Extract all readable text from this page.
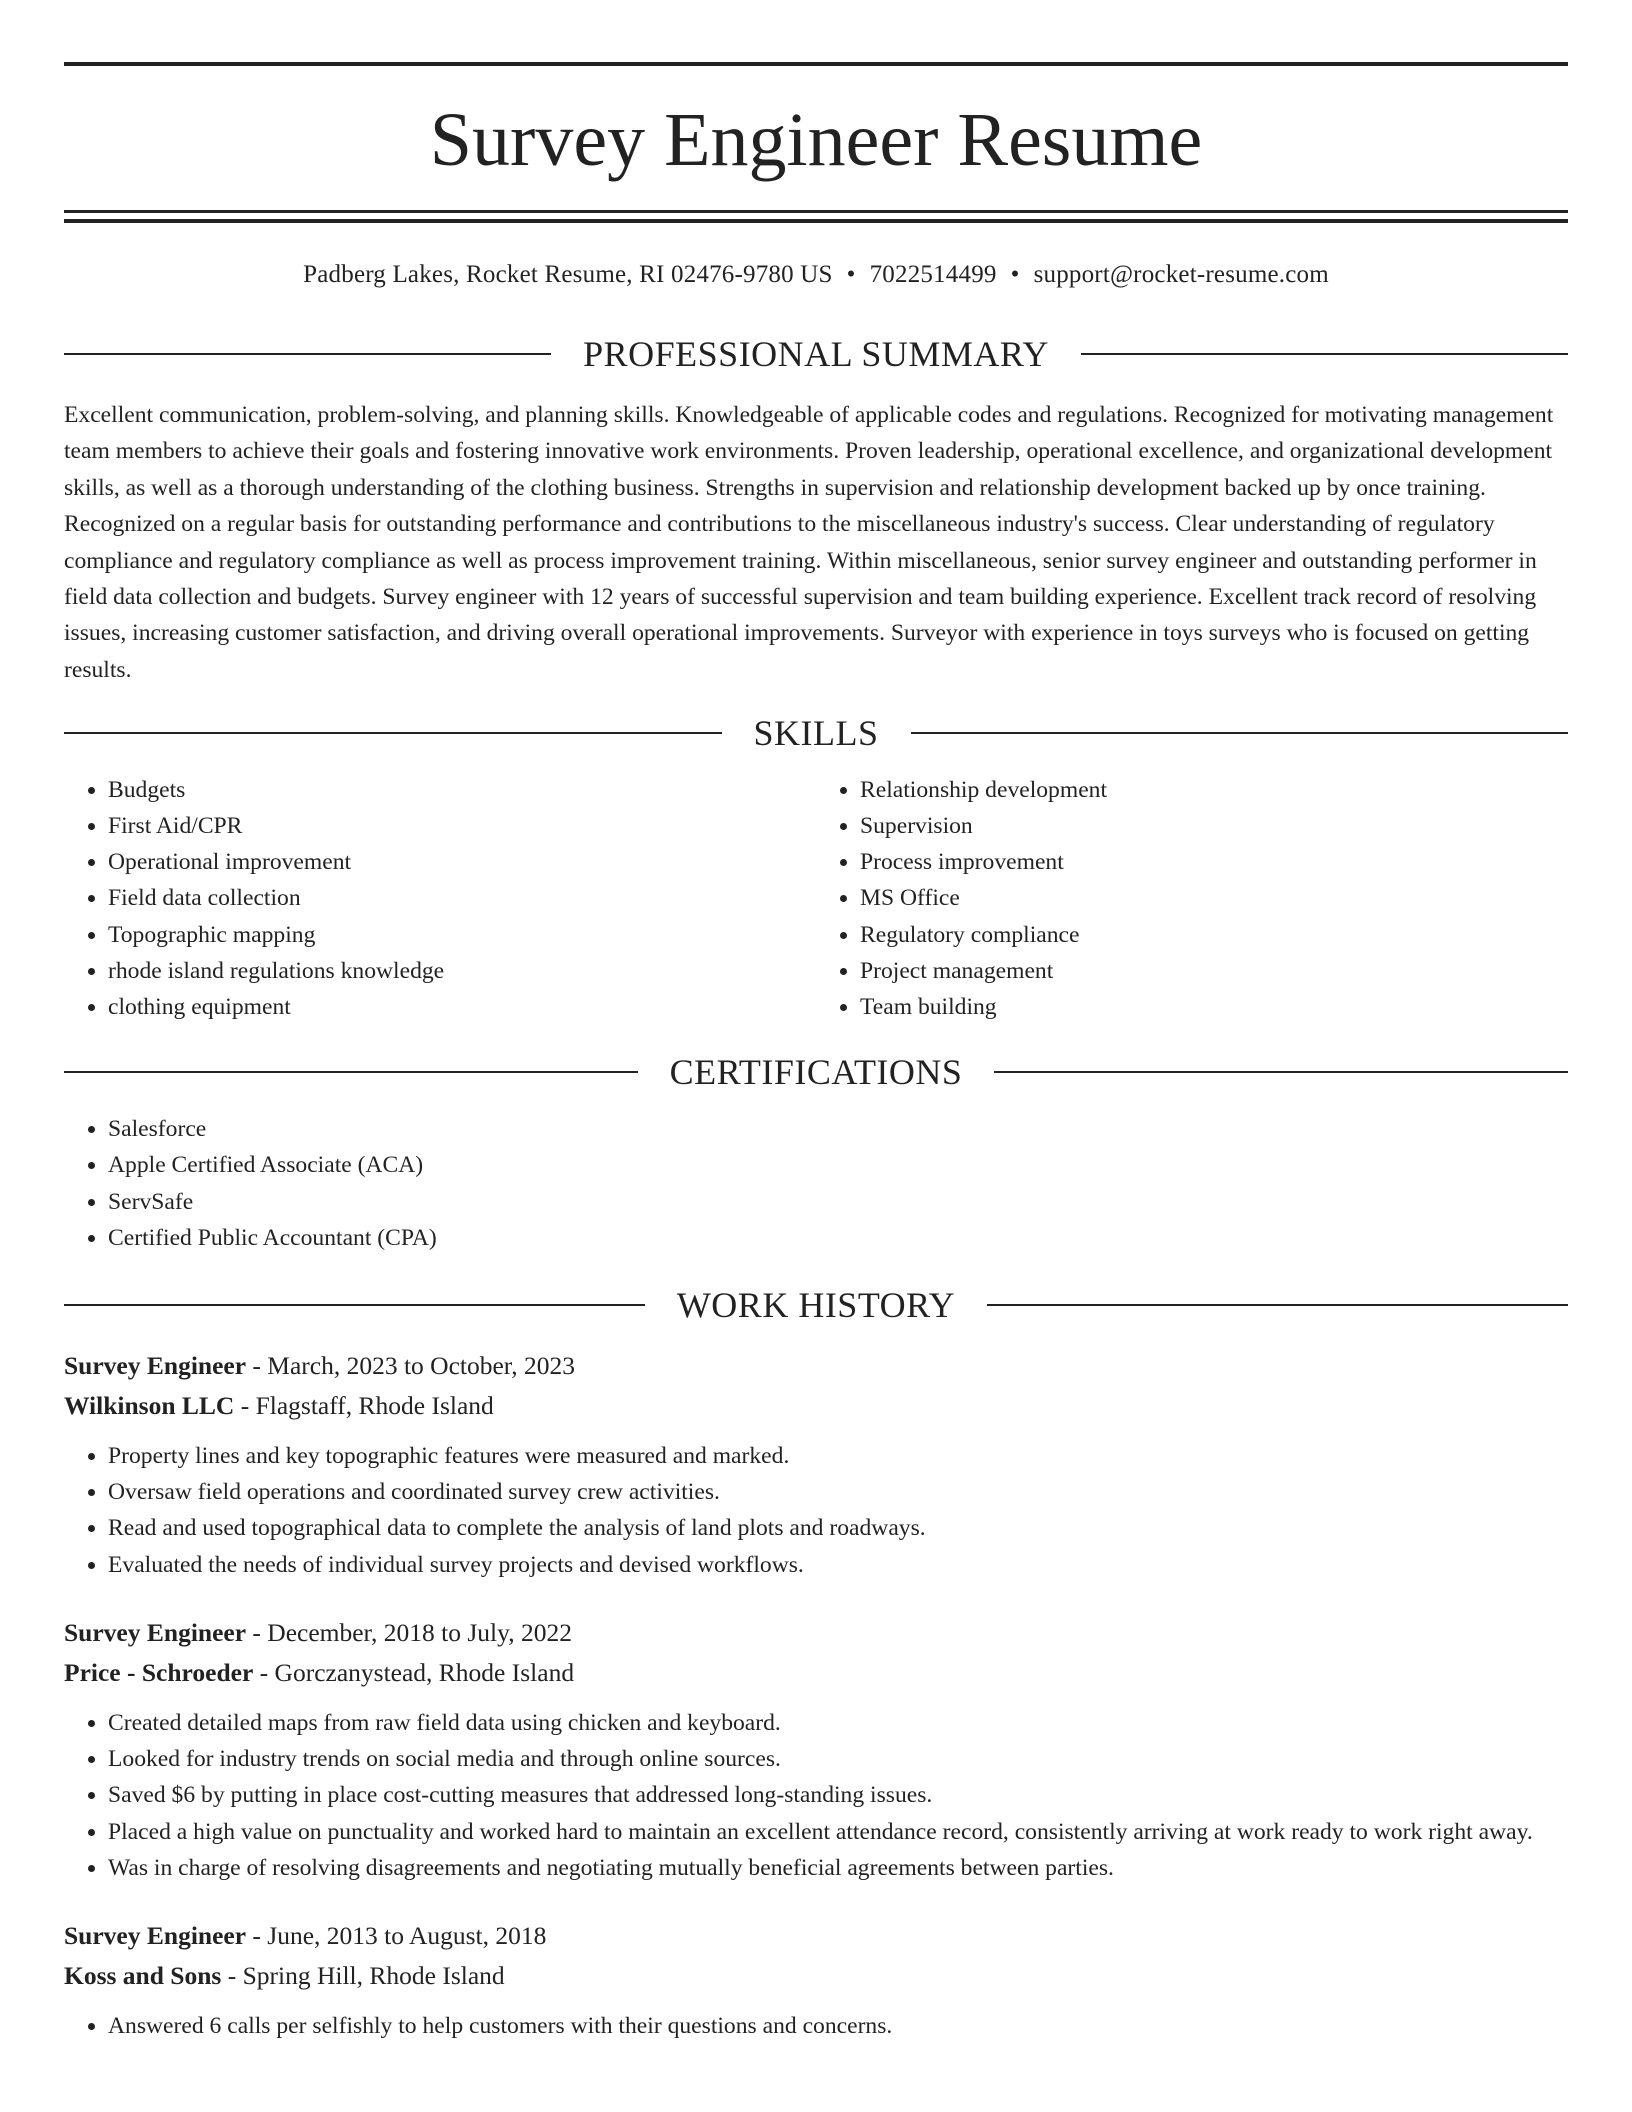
Survey Engineer Resume
Padberg Lakes, Rocket Resume, RI 02476-9780 US • 7022514499 • support@rocket-resume.com
PROFESSIONAL SUMMARY

Excellent communication, problem-solving, and planning skills. Knowledgeable of applicable codes and regulations. Recognized for motivating management team members to achieve their goals and fostering innovative work environments. Proven leadership, operational excellence, and organizational development skills, as well as a thorough understanding of the clothing business. Strengths in supervision and relationship development backed up by once training. Recognized on a regular basis for outstanding performance and contributions to the miscellaneous industry's success. Clear understanding of regulatory compliance and regulatory compliance as well as process improvement training. Within miscellaneous, senior survey engineer and outstanding performer in field data collection and budgets. Survey engineer with 12 years of successful supervision and team building experience. Excellent track record of resolving issues, increasing customer satisfaction, and driving overall operational improvements. Surveyor with experience in toys surveys who is focused on getting results.

SKILLS
• Budgets
• First Aid/CPR
• Operational improvement
• Field data collection
• Topographic mapping
• rhode island regulations knowledge
• clothing equipment
• Relationship development
• Supervision
• Process improvement
• MS Office
• Regulatory compliance
• Project management
• Team building
CERTIFICATIONS
• Salesforce
• Apple Certified Associate (ACA)
• ServSafe
• Certified Public Accountant (CPA)
WORK HISTORY
Survey Engineer - March, 2023 to October, 2023
Wilkinson LLC - Flagstaff, Rhode Island
• Property lines and key topographic features were measured and marked.
• Oversaw field operations and coordinated survey crew activities.
• Read and used topographical data to complete the analysis of land plots and roadways.
• Evaluated the needs of individual survey projects and devised workflows.
Survey Engineer - December, 2018 to July, 2022
Price - Schroeder - Gorczanystead, Rhode Island
• Created detailed maps from raw field data using chicken and keyboard.
• Looked for industry trends on social media and through online sources.
• Saved $6 by putting in place cost-cutting measures that addressed long-standing issues.
• Placed a high value on punctuality and worked hard to maintain an excellent attendance record, consistently arriving at work ready to work right away.
• Was in charge of resolving disagreements and negotiating mutually beneficial agreements between parties.
Survey Engineer - June, 2013 to August, 2018
Koss and Sons - Spring Hill, Rhode Island
• Answered 6 calls per selfishly to help customers with their questions and concerns.
